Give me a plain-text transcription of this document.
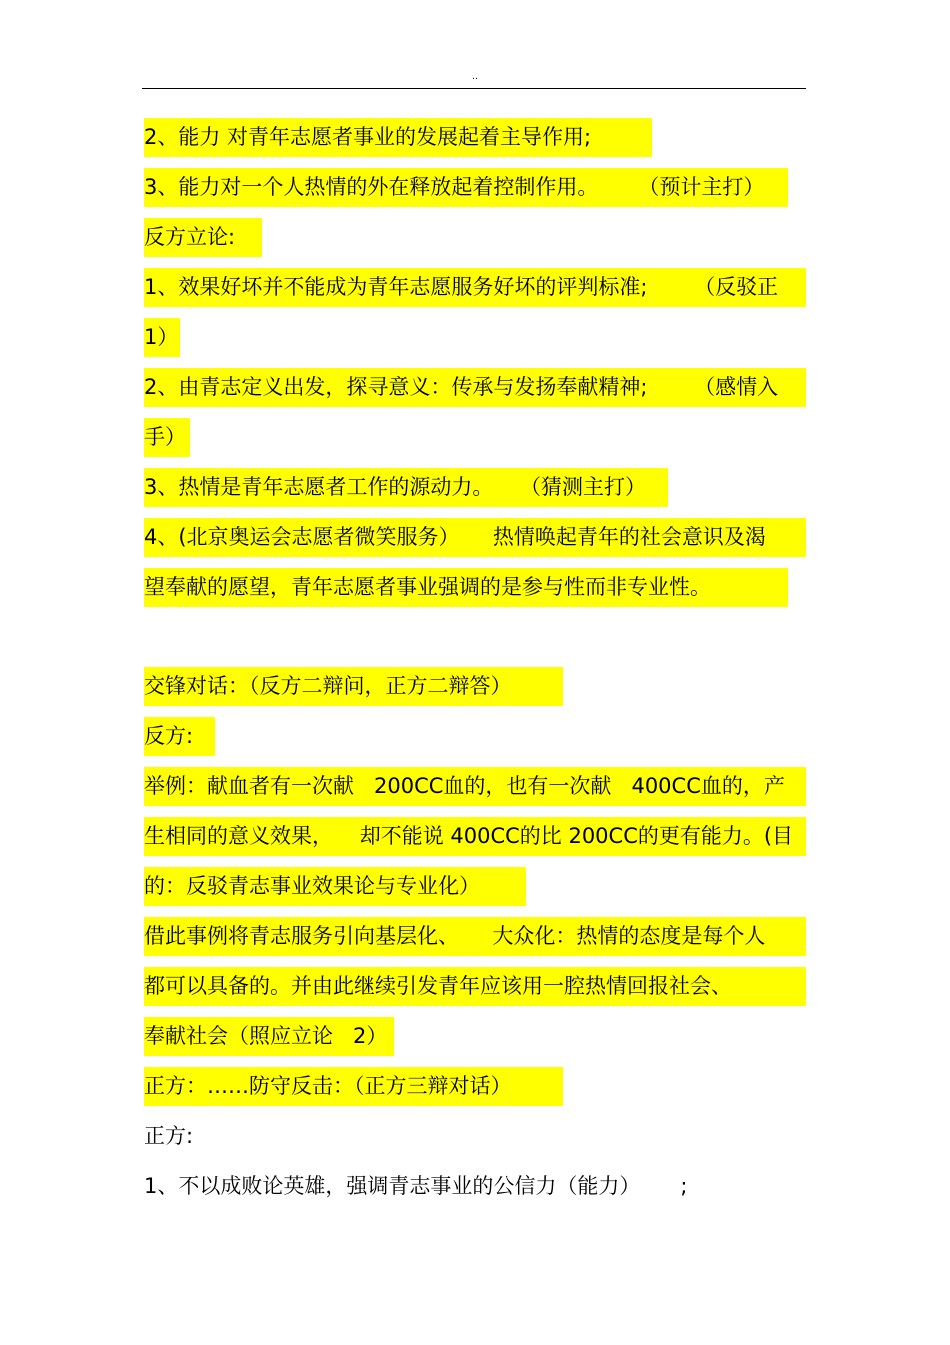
..
2、能力 对青年志愿者事业的发展起着主导作用;
3、能力对一个人热情的外在释放起着控制作用。      （预计主打）
反方立论:
1、效果好坏并不能成为青年志愿服务好坏的评判标准;       （反驳正
1）
2、由青志定义出发，探寻意义：传承与发扬奉献精神;       （感情入
手）
3、热情是青年志愿者工作的源动力。    （猜测主打）
4、(北京奥运会志愿者微笑服务）     热情唤起青年的社会意识及渴
望奉献的愿望，青年志愿者事业强调的是参与性而非专业性。
交锋对话：（反方二辩问，正方二辩答）
反方:
举例：献血者有一次献   200CC血的，也有一次献   400CC血的，产
生相同的意义效果，    却不能说 400CC的比 200CC的更有能力。(目
的：反驳青志事业效果论与专业化）
借此事例将青志服务引向基层化、     大众化：热情的态度是每个人
都可以具备的。并由此继续引发青年应该用一腔热情回报社会、
奉献社会（照应立论   2）
正方：……防守反击：（正方三辩对话）
正方:
1、不以成败论英雄，强调青志事业的公信力（能力）      ;
